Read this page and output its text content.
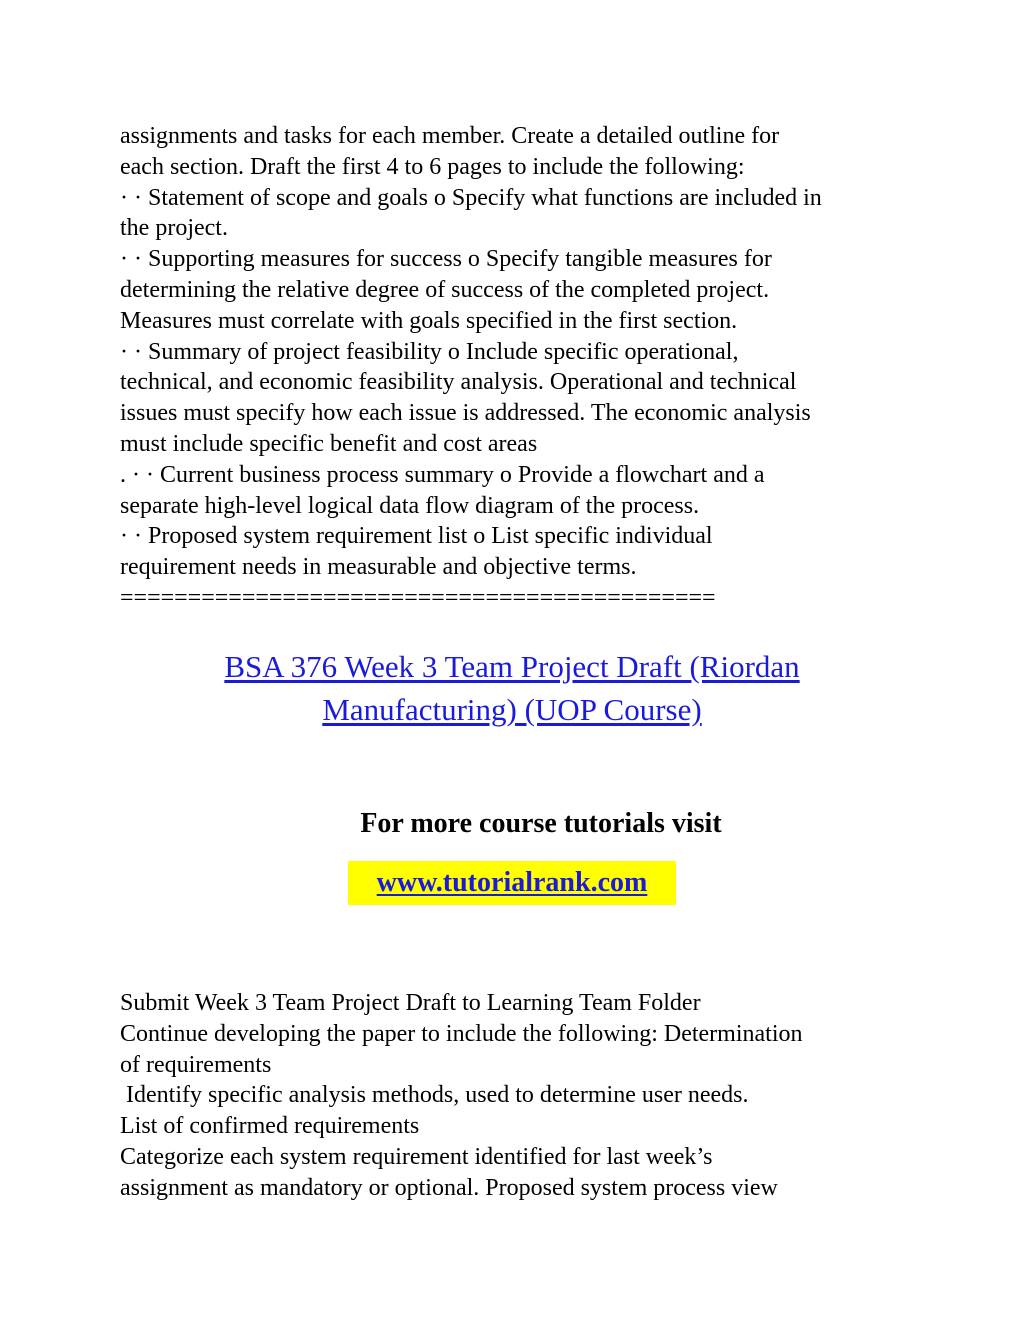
assignments and tasks for each member. Create a detailed outline for
each section. Draft the first 4 to 6 pages to include the following:
· · Statement of scope and goals o Specify what functions are included in
the project.
· · Supporting measures for success o Specify tangible measures for
determining the relative degree of success of the completed project.
Measures must correlate with goals specified in the first section.
· · Summary of project feasibility o Include specific operational,
technical, and economic feasibility analysis. Operational and technical
issues must specify how each issue is addressed. The economic analysis
must include specific benefit and cost areas
. · · Current business process summary o Provide a flowchart and a
separate high-level logical data flow diagram of the process.
· · Proposed system requirement list o List specific individual
requirement needs in measurable and objective terms.
============================================
BSA 376 Week 3 Team Project Draft (Riordan
Manufacturing) (UOP Course)
For more course tutorials visit
www.tutorialrank.com
Submit Week 3 Team Project Draft to Learning Team Folder
Continue developing the paper to include the following: Determination
of requirements
Identify specific analysis methods, used to determine user needs.
List of confirmed requirements
Categorize each system requirement identified for last week’s
assignment as mandatory or optional. Proposed system process view
